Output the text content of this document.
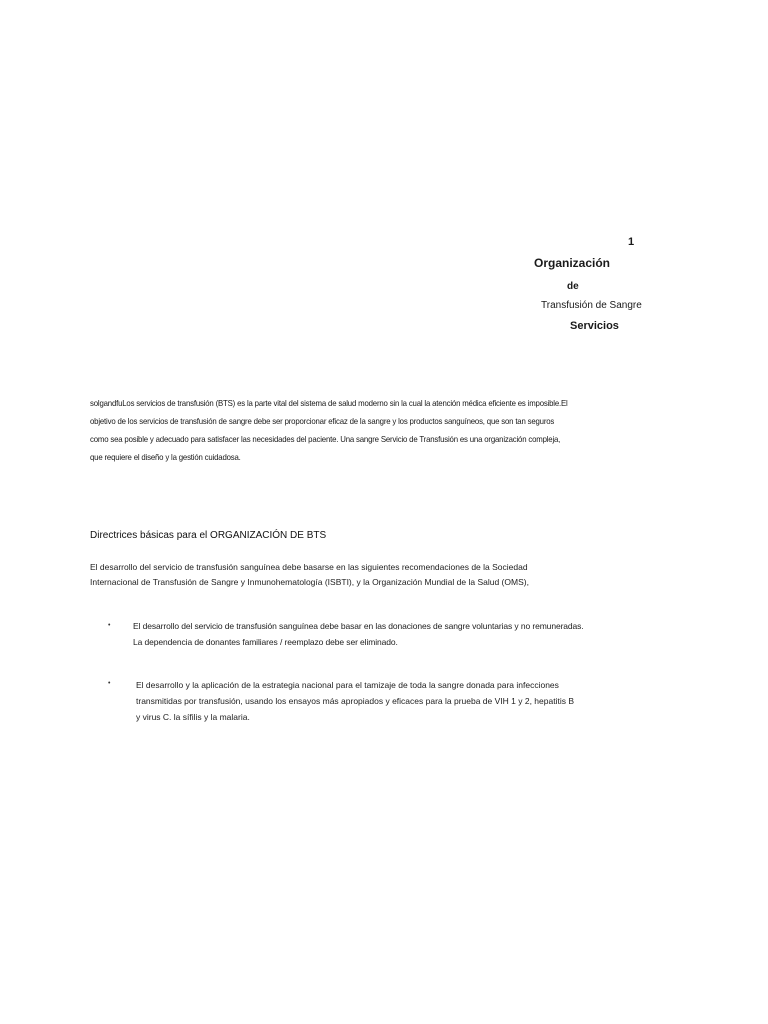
1
Organización
de
Transfusión de Sangre
Servicios
solgandfuLos servicios de transfusión (BTS) es la parte vital del sistema de salud moderno sin la cual la atención médica eficiente es imposible.El
objetivo de los servicios de transfusión de sangre debe ser proporcionar eficaz de la sangre y los productos sanguíneos, que son tan seguros
como sea posible y adecuado para satisfacer las necesidades del paciente. Una sangre Servicio de Transfusión es una organización compleja,
que requiere el diseño y la gestión cuidadosa.
Directrices básicas para el ORGANIZACIÓN DE BTS
El desarrollo del servicio de transfusión sanguínea debe basarse en las siguientes recomendaciones de la Sociedad
Internacional de Transfusión de Sangre y Inmunohematología (ISBTI), y la Organización Mundial de la Salud (OMS),
•	El desarrollo del servicio de transfusión sanguínea debe basar en las donaciones de sangre voluntarias y no remuneradas.
La dependencia de donantes familiares / reemplazo debe ser eliminado.
•	El desarrollo y la aplicación de la estrategia nacional para el tamizaje de toda la sangre donada para infecciones
transmitidas por transfusión, usando los ensayos más apropiados y eficaces para la prueba de VIH 1 y 2, hepatitis B
y virus C. la sífilis y la malaria.
